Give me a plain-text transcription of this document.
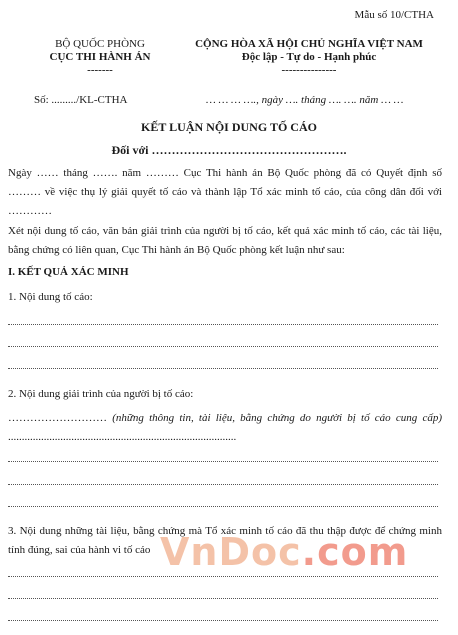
Mẫu số 10/CTHA
BỘ QUỐC PHÒNG
CỤC THI HÀNH ÁN
-------
CỘNG HÒA XÃ HỘI CHỦ NGHĨA VIỆT NAM
Độc lập - Tự do - Hạnh phúc
---------------
Số: ........./KL-CTHA	… … … …., ngày …. tháng …. …. năm … …
KẾT LUẬN NỘI DUNG TỐ CÁO
Đối với ………………………………………….
Ngày …… tháng ……. năm ……… Cục Thi hành án Bộ Quốc phòng đã có Quyết định số ……… về việc thụ lý giải quyết tố cáo và thành lập Tổ xác minh tố cáo, của công dân đối với …………
Xét nội dung tố cáo, văn bản giải trình của người bị tố cáo, kết quả xác minh tố cáo, các tài liệu, bằng chứng có liên quan, Cục Thi hành án Bộ Quốc phòng kết luận như sau:
I. KẾT QUẢ XÁC MINH
1. Nội dung tố cáo:
2. Nội dung giải trình của người bị tố cáo:
……………………… (những thông tin, tài liệu, bằng chứng do người bị tố cáo cung cấp) ...................................................................................
3. Nội dung những tài liệu, bằng chứng mà Tổ xác minh tố cáo đã thu thập được để chứng minh tính đúng, sai của hành vi tố cáo VnDoc.com
